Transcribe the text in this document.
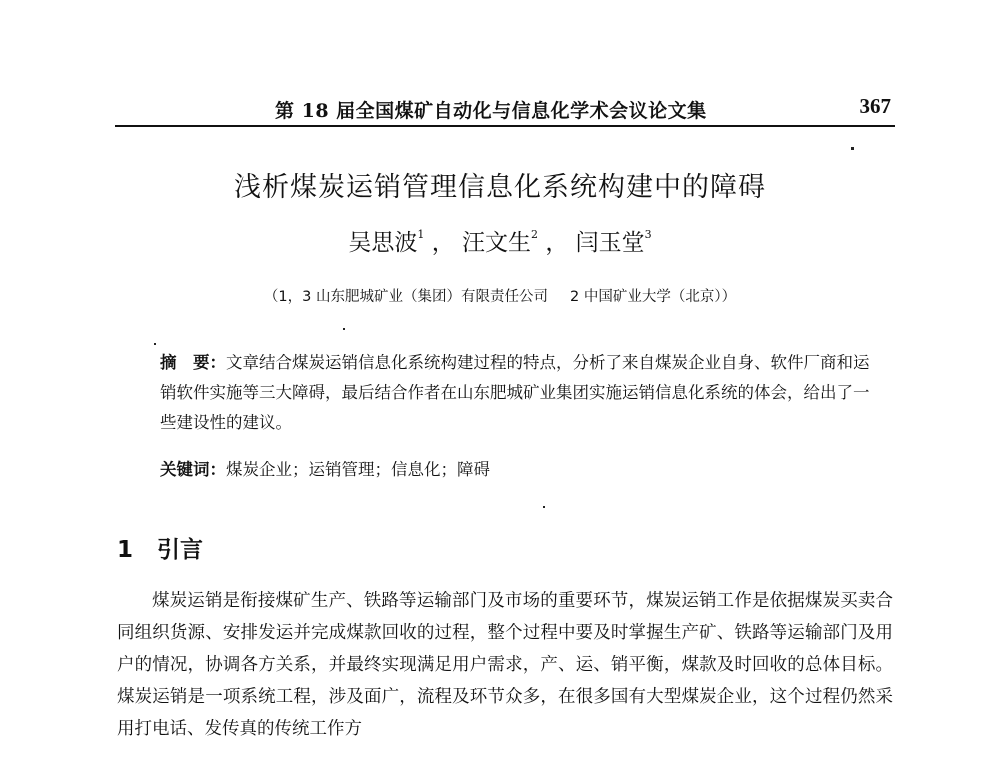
第 18 届全国煤矿自动化与信息化学术会议论文集	367
浅析煤炭运销管理信息化系统构建中的障碍
吴思波$^1$ ， 汪文生$^2$ ， 闫玉堂$^3$
（1，3 山东肥城矿业（集团）有限责任公司 2 中国矿业大学（北京））
摘　要：文章结合煤炭运销信息化系统构建过程的特点，分析了来自煤炭企业自身、软件厂商和运销软件实施等三大障碍，最后结合作者在山东肥城矿业集团实施运销信息化系统的体会，给出了一些建设性的建议。
关键词：煤炭企业；运销管理；信息化；障碍
1 引言
煤炭运销是衔接煤矿生产、铁路等运输部门及市场的重要环节，煤炭运销工作是依据煤炭买卖合同组织货源、安排发运并完成煤款回收的过程，整个过程中要及时掌握生产矿、铁路等运输部门及用户的情况，协调各方关系，并最终实现满足用户需求，产、运、销平衡，煤款及时回收的总体目标。煤炭运销是一项系统工程，涉及面广，流程及环节众多，在很多国有大型煤炭企业，这个过程仍然采用打电话、发传真的传统工作方
